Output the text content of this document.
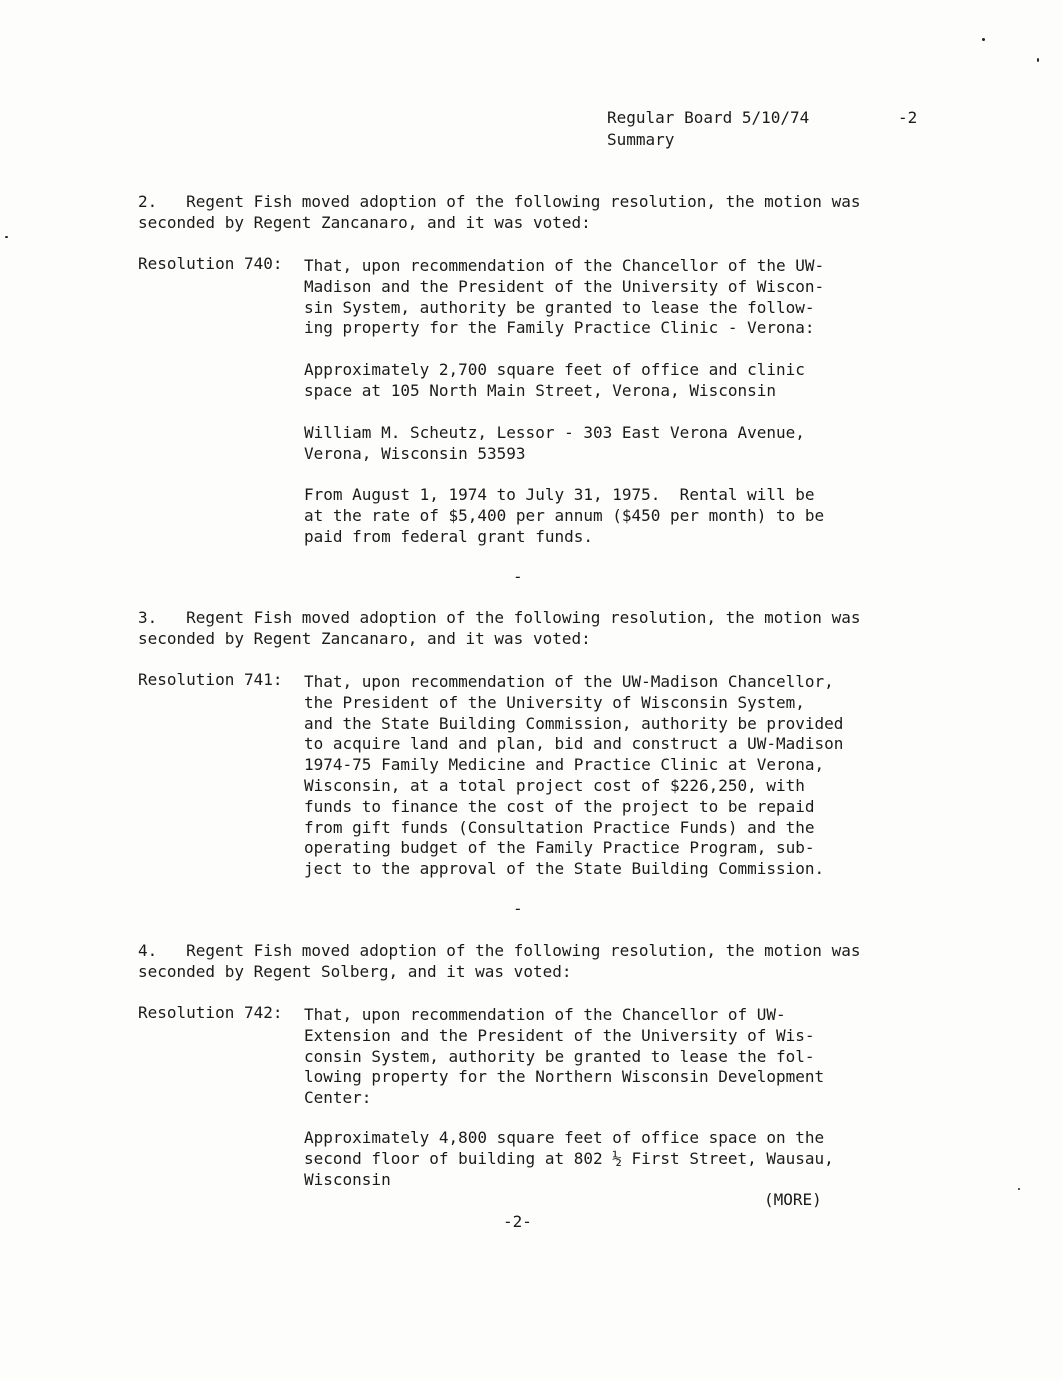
Regular Board 5/10/74
Summary
-2
2.   Regent Fish moved adoption of the following resolution, the motion was
seconded by Regent Zancanaro, and it was voted:
Resolution 740: That, upon recommendation of the Chancellor of the UW-
Madison and the President of the University of Wiscon-
sin System, authority be granted to lease the follow-
ing property for the Family Practice Clinic - Verona:
Approximately 2,700 square feet of office and clinic
space at 105 North Main Street, Verona, Wisconsin
William M. Scheutz, Lessor - 303 East Verona Avenue,
Verona, Wisconsin 53593
From August 1, 1974 to July 31, 1975.  Rental will be
at the rate of $5,400 per annum ($450 per month) to be
paid from federal grant funds.
-
3.   Regent Fish moved adoption of the following resolution, the motion was
seconded by Regent Zancanaro, and it was voted:
Resolution 741: That, upon recommendation of the UW-Madison Chancellor,
the President of the University of Wisconsin System,
and the State Building Commission, authority be provided
to acquire land and plan, bid and construct a UW-Madison
1974-75 Family Medicine and Practice Clinic at Verona,
Wisconsin, at a total project cost of $226,250, with
funds to finance the cost of the project to be repaid
from gift funds (Consultation Practice Funds) and the
operating budget of the Family Practice Program, sub-
ject to the approval of the State Building Commission.
-
4.   Regent Fish moved adoption of the following resolution, the motion was
seconded by Regent Solberg, and it was voted:
Resolution 742: That, upon recommendation of the Chancellor of UW-
Extension and the President of the University of Wis-
consin System, authority be granted to lease the fol-
lowing property for the Northern Wisconsin Development
Center:
Approximately 4,800 square feet of office space on the
second floor of building at 802 ½ First Street, Wausau,
Wisconsin
(MORE)
-2-
